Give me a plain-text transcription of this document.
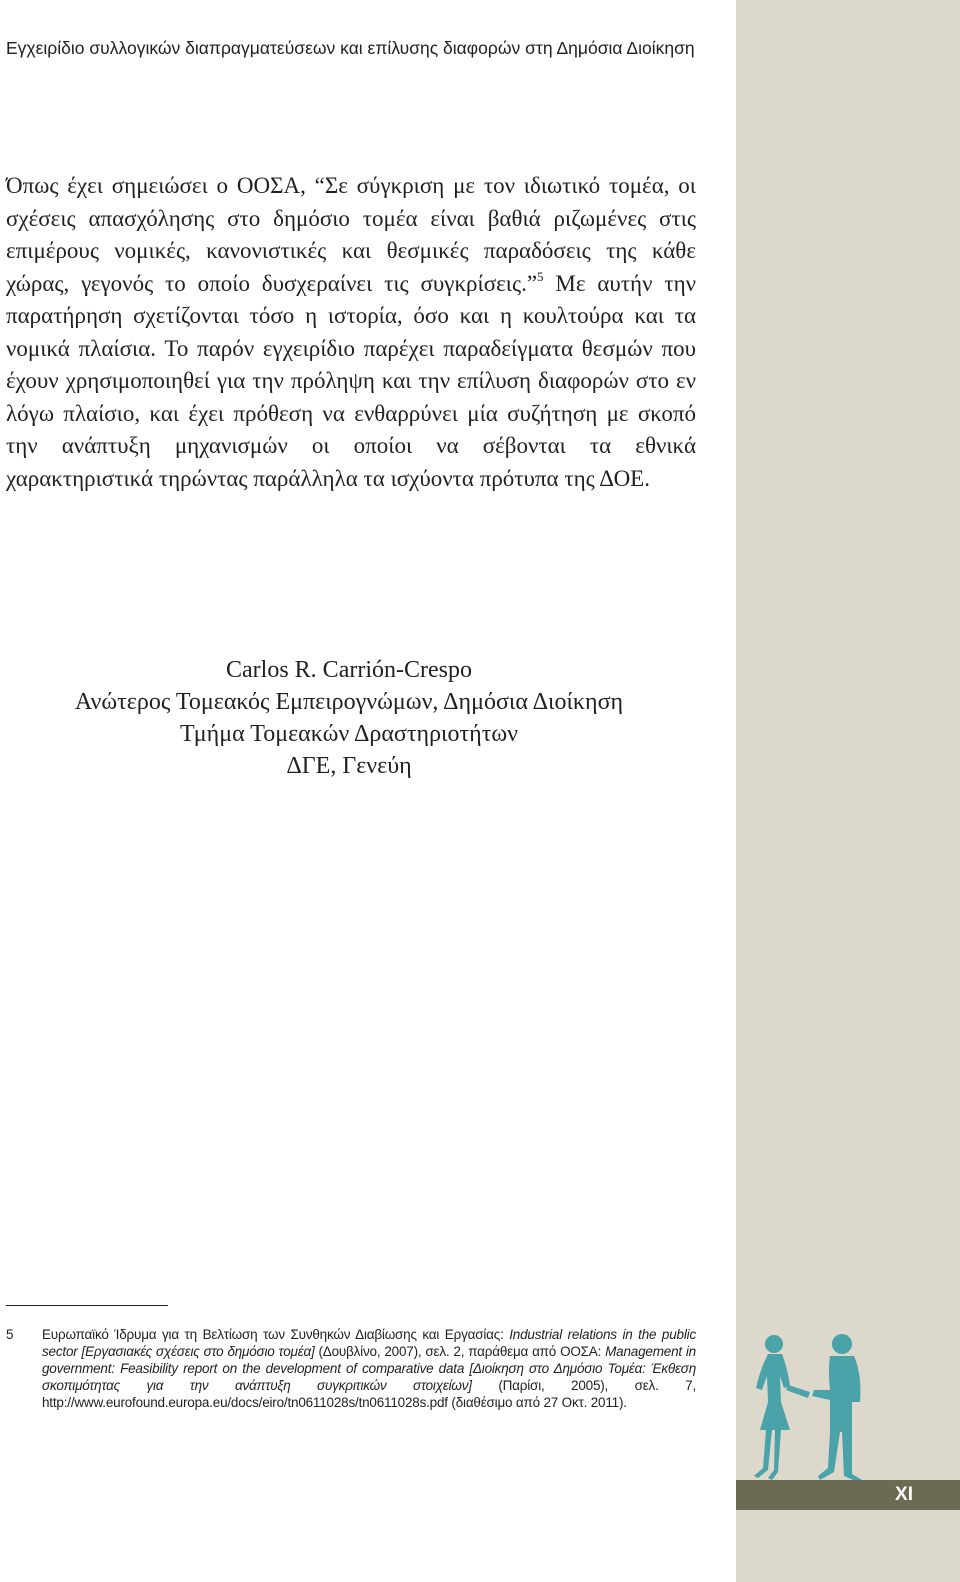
Εγχειρίδιο συλλογικών διαπραγματεύσεων και επίλυσης διαφορών στη Δημόσια Διοίκηση

Όπως έχει σημειώσει ο ΟΟΣΑ, “Σε σύγκριση με τον ιδιωτικό τομέα, οι σχέσεις απασχόλησης στο δημόσιο τομέα είναι βαθιά ριζωμένες στις επιμέρους νομικές, κανονιστικές και θεσμικές παραδόσεις της κάθε χώρας, γεγονός το οποίο δυσχεραίνει τις συγκρίσεις.”$^5$ Με αυτήν την παρατήρηση σχετίζονται τόσο η ιστορία, όσο και η κουλτούρα και τα νομικά πλαίσια. Το παρόν εγχειρίδιο παρέχει παραδείγματα θεσμών που έχουν χρησιμοποιηθεί για την πρόληψη και την επίλυση διαφορών στο εν λόγω πλαίσιο, και έχει πρόθεση να ενθαρρύνει μία συζήτηση με σκοπό την ανάπτυξη μηχανισμών οι οποίοι να σέβονται τα εθνικά χαρακτηριστικά τηρώντας παράλληλα τα ισχύοντα πρότυπα της ΔΟΕ.

Carlos R. Carrión-Crespo
Ανώτερος Τομεακός Εμπειρογνώμων, Δημόσια Διοίκηση
Τμήμα Τομεακών Δραστηριοτήτων
ΔΓΕ, Γενεύη
5 Ευρωπαϊκό Ίδρυμα για τη Βελτίωση των Συνθηκών Διαβίωσης και Εργασίας: Industrial relations in the public sector [Εργασιακές σχέσεις στο δημόσιο τομέα] (Δουβλίνο, 2007), σελ. 2, παράθεμα από ΟΟΣΑ: Management in government: Feasibility report on the development of comparative data [Διοίκηση στο Δημόσιο Τομέα: Έκθεση σκοπιμότητας για την ανάπτυξη συγκριτικών στοιχείων] (Παρίσι, 2005), σελ. 7, http://www.eurofound.europa.eu/docs/eiro/tn0611028s/tn0611028s.pdf (διαθέσιμο από 27 Οκτ. 2011).
XI
